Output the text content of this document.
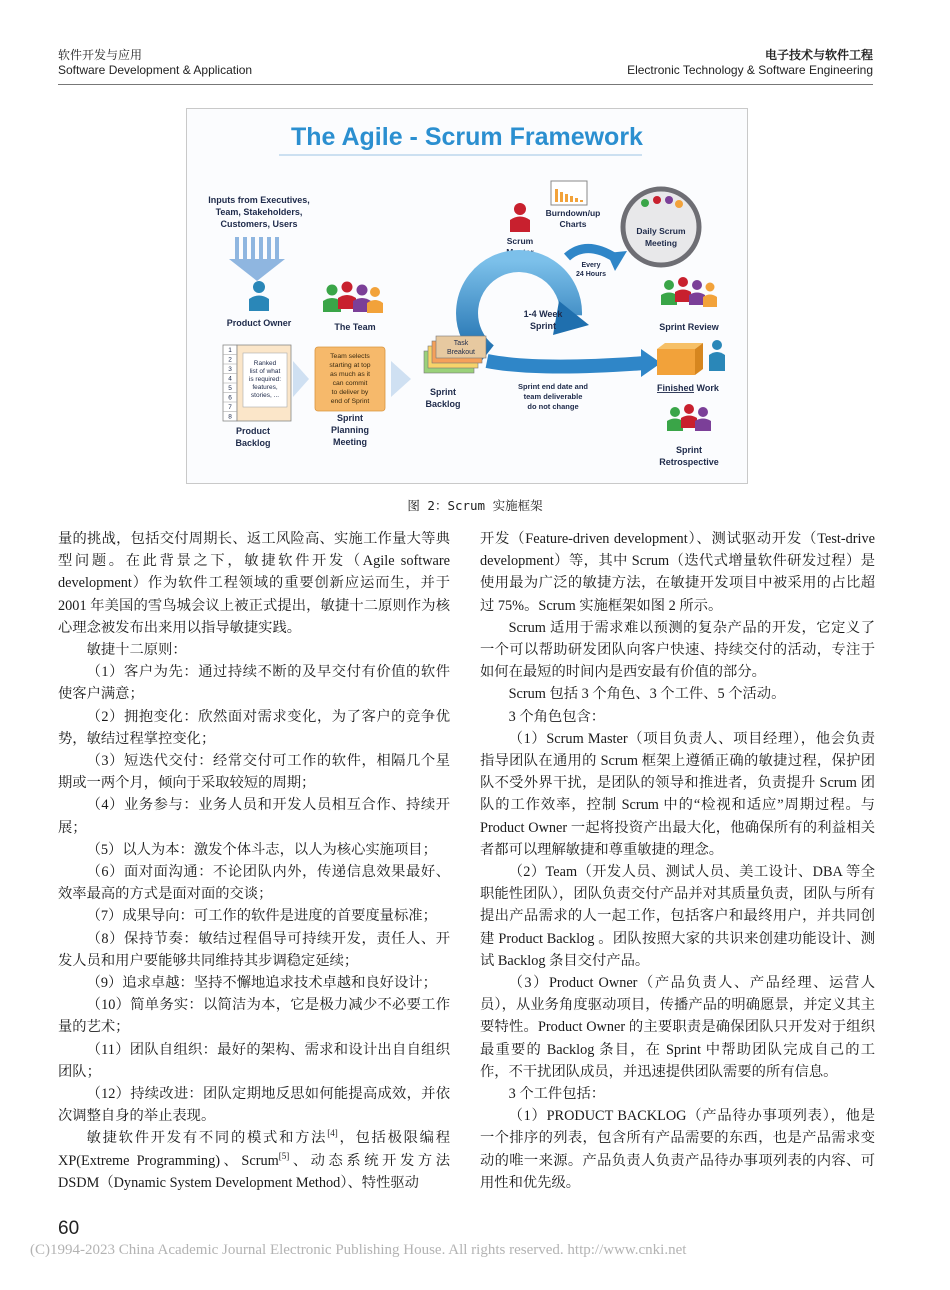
软件开发与应用
Software Development & Application
电子技术与软件工程
Electronic Technology & Software Engineering
The Agile - Scrum Framework
Inputs from Executives,
Team, Stakeholders,
Customers, Users
Product Owner	The Team
Scrum
Master
Burndown/up
Charts
Daily Scrum
Meeting
Every
24 Hours
1-4 Week
Sprint
Sprint end date and
team deliverable
do not change
Sprint Review
Finished Work
Sprint
Retrospective
Task
Breakout
Sprint
Backlog
1
2
3
4
5
6
7
8
Ranked
list of what
is required:
features,
stories, ...
Product
Backlog
Team selects
starting at top
as much as it
can commit
to deliver by
end of Sprint
Sprint
Planning
Meeting
图 2：Scrum 实施框架

量的挑战，包括交付周期长、返工风险高、实施工作量大等典型问题。在此背景之下，敏捷软件开发（Agile software development）作为软件工程领域的重要创新应运而生，并于 2001 年美国的雪鸟城会议上被正式提出，敏捷十二原则作为核心理念被发布出来用以指导敏捷实践。

敏捷十二原则：

（1）客户为先：通过持续不断的及早交付有价值的软件使客户满意；

（2）拥抱变化：欣然面对需求变化，为了客户的竞争优势，敏结过程掌控变化；

（3）短迭代交付：经常交付可工作的软件，相隔几个星期或一两个月，倾向于采取较短的周期；

（4）业务参与：业务人员和开发人员相互合作、持续开展；

（5）以人为本：激发个体斗志，以人为核心实施项目；

（6）面对面沟通：不论团队内外，传递信息效果最好、效率最高的方式是面对面的交谈；

（7）成果导向：可工作的软件是进度的首要度量标准；

（8）保持节奏：敏结过程倡导可持续开发，责任人、开发人员和用户要能够共同维持其步调稳定延续；

（9）追求卓越：坚持不懈地追求技术卓越和良好设计；

（10）简单务实：以简洁为本，它是极力减少不必要工作量的艺术；

（11）团队自组织：最好的架构、需求和设计出自自组织团队；

（12）持续改进：团队定期地反思如何能提高成效，并依次调整自身的举止表现。

敏捷软件开发有不同的模式和方法[4]，包括极限编程 XP(Extreme Programming)、Scrum[5]、动态系统开发方法 DSDM（Dynamic System Development Method）、特性驱动

开发（Feature-driven development）、测试驱动开发（Test-drive development）等，其中 Scrum（迭代式增量软件研发过程）是使用最为广泛的敏捷方法，在敏捷开发项目中被采用的占比超过 75%。Scrum 实施框架如图 2 所示。

Scrum 适用于需求难以预测的复杂产品的开发，它定义了一个可以帮助研发团队向客户快速、持续交付的活动，专注于如何在最短的时间内是西安最有价值的部分。

Scrum 包括 3 个角色、3 个工件、5 个活动。

3 个角色包含：

（1）Scrum Master（项目负责人、项目经理），他会负责指导团队在通用的 Scrum 框架上遵循正确的敏捷过程，保护团队不受外界干扰，是团队的领导和推进者，负责提升 Scrum 团队的工作效率，控制 Scrum 中的“检视和适应”周期过程。与 Product Owner 一起将投资产出最大化，他确保所有的利益相关者都可以理解敏捷和尊重敏捷的理念。

（2）Team（开发人员、测试人员、美工设计、DBA 等全职能性团队），团队负责交付产品并对其质量负责，团队与所有提出产品需求的人一起工作，包括客户和最终用户，并共同创建 Product Backlog 。团队按照大家的共识来创建功能设计、测试 Backlog 条目交付产品。

（3）Product Owner（产品负责人、产品经理、运营人员），从业务角度驱动项目，传播产品的明确愿景，并定义其主要特性。Product Owner 的主要职责是确保团队只开发对于组织最重要的 Backlog 条目，在 Sprint 中帮助团队完成自己的工作，不干扰团队成员，并迅速提供团队需要的所有信息。

3 个工件包括：

（1）PRODUCT BACKLOG（产品待办事项列表），他是一个排序的列表，包含所有产品需要的东西，也是产品需求变动的唯一来源。产品负责人负责产品待办事项列表的内容、可用性和优先级。

60
(C)1994-2023 China Academic Journal Electronic Publishing House. All rights reserved. http://www.cnki.net
